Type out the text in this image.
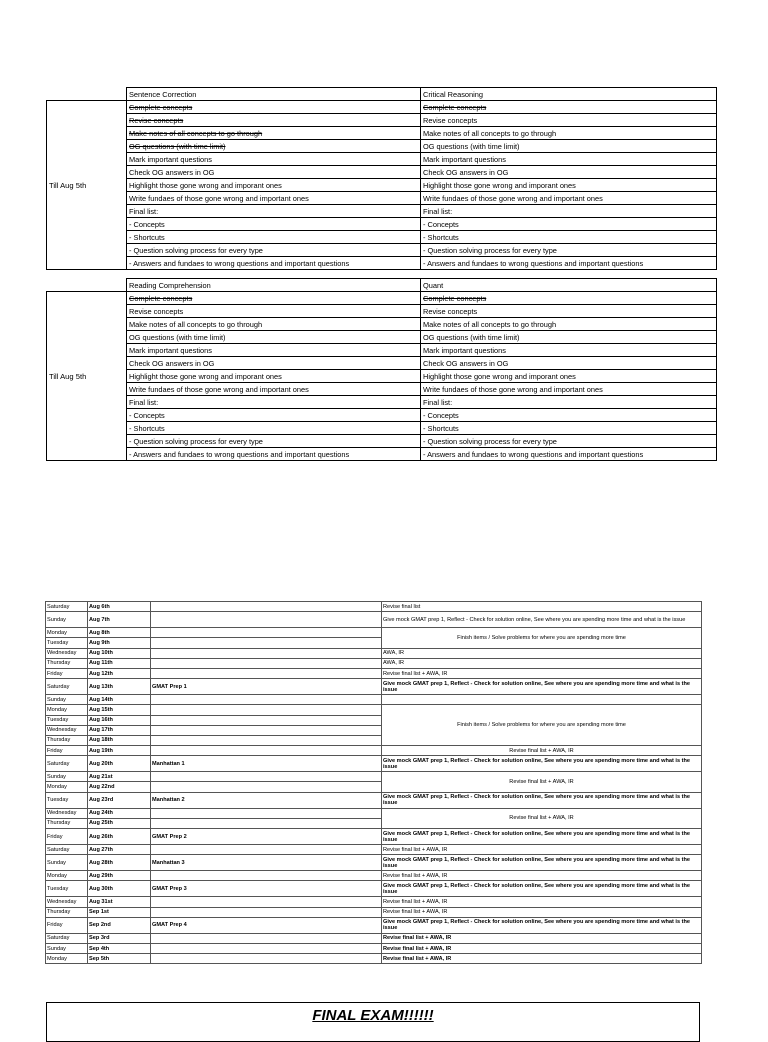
	Sentence Correction	Critical Reasoning
Till Aug 5th	Complete concepts	Complete concepts
	Revise concepts	Revise concepts
	Make notes of all concepts to go through	Make notes of all concepts to go through
	OG questions (with time limit)	OG questions (with time limit)
	Mark important questions	Mark important questions
	Check OG answers in OG	Check OG answers in OG
	Highlight those gone wrong and imporant ones	Highlight those gone wrong and imporant ones
	Write fundaes of those gone wrong and important ones	Write fundaes of those gone wrong and important ones
	Final list:	Final list:
	- Concepts	- Concepts
	- Shortcuts	- Shortcuts
	- Question solving process for every type	- Question solving process for every type
	- Answers and fundaes to wrong questions and important questions	- Answers and fundaes to wrong questions and important questions
	Reading Comprehension	Quant
Till Aug 5th	Complete concepts	Complete concepts
	Revise concepts	Revise concepts
	Make notes of all concepts to go through	Make notes of all concepts to go through
	OG questions (with time limit)	OG questions (with time limit)
	Mark important questions	Mark important questions
	Check OG answers in OG	Check OG answers in OG
	Highlight those gone wrong and imporant ones	Highlight those gone wrong and imporant ones
	Write fundaes of those gone wrong and important ones	Write fundaes of those gone wrong and important ones
	Final list:	Final list:
	- Concepts	- Concepts
	- Shortcuts	- Shortcuts
	- Question solving process for every type	- Question solving process for every type
	- Answers and fundaes to wrong questions and important questions	- Answers and fundaes to wrong questions and important questions
Saturday	Aug 6th		Revise final list
Sunday	Aug 7th		Give mock GMAT prep 1, Reflect - Check for solution online, See where you are spending more time and what is the issue
Monday	Aug 8th		Finish items / Solve problems for where you are spending more time
Tuesday	Aug 9th		
Wednesday	Aug 10th		AWA, IR
Thursday	Aug 11th		AWA, IR
Friday	Aug 12th		Revise final list + AWA, IR
Saturday	Aug 13th	GMAT Prep 1	Give mock GMAT prep 1, Reflect - Check for solution online, See where you are spending more time and what is the issue
Sunday	Aug 14th		
Monday	Aug 15th		Finish items / Solve problems for where you are spending more time
Tuesday	Aug 16th		
Wednesday	Aug 17th		
Thursday	Aug 18th		
Friday	Aug 19th		Revise final list + AWA, IR
Saturday	Aug 20th	Manhattan 1	Give mock GMAT prep 1, Reflect - Check for solution online, See where you are spending more time and what is the issue
Sunday	Aug 21st		Revise final list + AWA, IR
Monday	Aug 22nd		
Tuesday	Aug 23rd	Manhattan 2	Give mock GMAT prep 1, Reflect - Check for solution online, See where you are spending more time and what is the issue
Wednesday	Aug 24th		Revise final list + AWA, IR
Thursday	Aug 25th		
Friday	Aug 26th	GMAT Prep 2	Give mock GMAT prep 1, Reflect - Check for solution online, See where you are spending more time and what is the issue
Saturday	Aug 27th		Revise final list + AWA, IR
Sunday	Aug 28th	Manhattan 3	Give mock GMAT prep 1, Reflect - Check for solution online, See where you are spending more time and what is the issue
Monday	Aug 29th		Revise final list + AWA, IR
Tuesday	Aug 30th	GMAT Prep 3	Give mock GMAT prep 1, Reflect - Check for solution online, See where you are spending more time and what is the issue
Wednesday	Aug 31st		Revise final list + AWA, IR
Thursday	Sep 1st		Revise final list + AWA, IR
Friday	Sep 2nd	GMAT Prep 4	Give mock GMAT prep 1, Reflect - Check for solution online, See where you are spending more time and what is the issue
Saturday	Sep 3rd		Revise final list + AWA, IR
Sunday	Sep 4th		Revise final list + AWA, IR
Monday	Sep 5th		Revise final list + AWA, IR
FINAL EXAM!!!!!!
